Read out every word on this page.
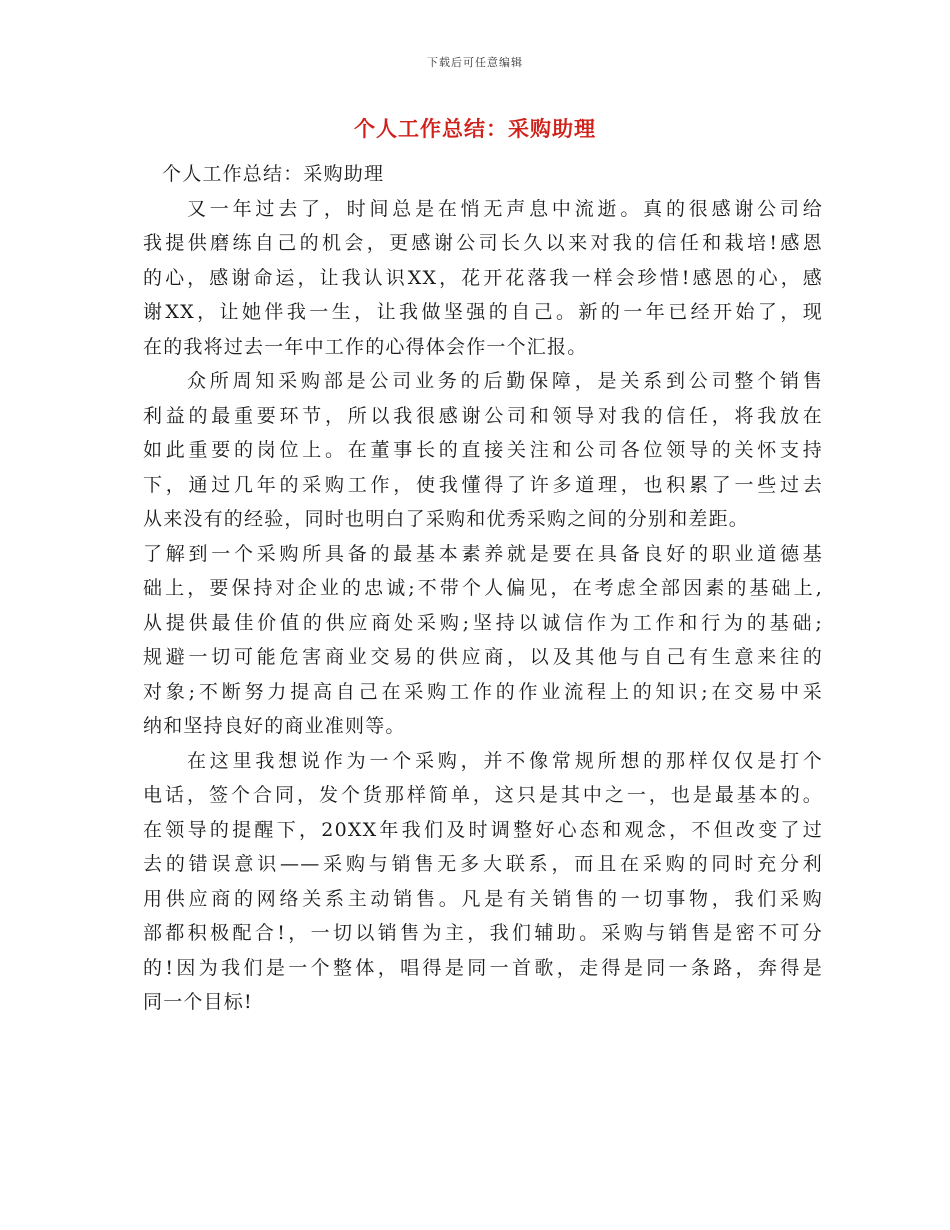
下载后可任意编辑
个人工作总结：采购助理
个人工作总结：采购助理
又一年过去了，时间总是在悄无声息中流逝。真的很感谢公司给
我提供磨练自己的机会，更感谢公司长久以来对我的信任和栽培!感恩
的心，感谢命运，让我认识XX，花开花落我一样会珍惜!感恩的心，感
谢XX，让她伴我一生，让我做坚强的自己。新的一年已经开始了，现
在的我将过去一年中工作的心得体会作一个汇报。
众所周知采购部是公司业务的后勤保障，是关系到公司整个销售
利益的最重要环节，所以我很感谢公司和领导对我的信任，将我放在
如此重要的岗位上。在董事长的直接关注和公司各位领导的关怀支持
下，通过几年的采购工作，使我懂得了许多道理，也积累了一些过去
从来没有的经验，同时也明白了采购和优秀采购之间的分别和差距。
了解到一个采购所具备的最基本素养就是要在具备良好的职业道德基
础上，要保持对企业的忠诚;不带个人偏见，在考虑全部因素的基础上,
从提供最佳价值的供应商处采购;坚持以诚信作为工作和行为的基础;
规避一切可能危害商业交易的供应商，以及其他与自己有生意来往的
对象;不断努力提高自己在采购工作的作业流程上的知识;在交易中采
纳和坚持良好的商业准则等。
在这里我想说作为一个采购，并不像常规所想的那样仅仅是打个
电话，签个合同，发个货那样简单，这只是其中之一，也是最基本的。
在领导的提醒下，20XX年我们及时调整好心态和观念，不但改变了过
去的错误意识——采购与销售无多大联系，而且在采购的同时充分利
用供应商的网络关系主动销售。凡是有关销售的一切事物，我们采购
部都积极配合!，一切以销售为主，我们辅助。采购与销售是密不可分
的!因为我们是一个整体，唱得是同一首歌，走得是同一条路，奔得是
同一个目标!
